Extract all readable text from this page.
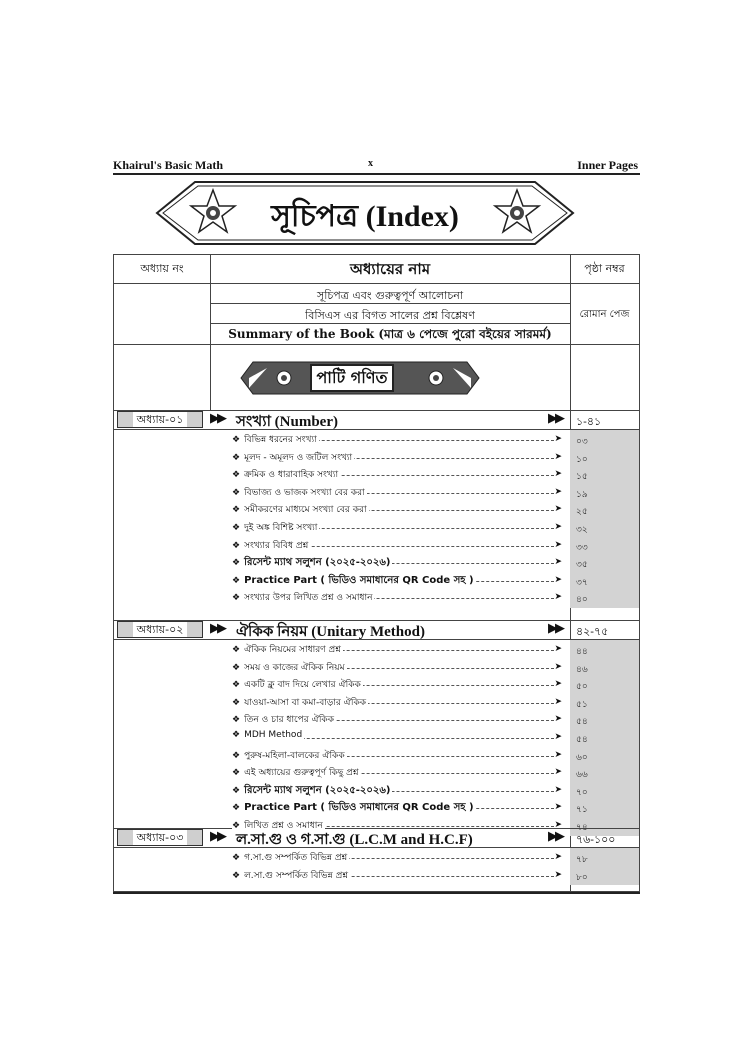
Khairul's Basic Math	x	Inner Pages
সূচিপত্র (Index)
অধ্যায় নং	অধ্যায়ের নাম	পৃষ্ঠা নম্বর
সূচিপত্র এবং গুরুত্বপূর্ণ আলোচনা
বিসিএস এর বিগত সালের প্রশ্ন বিশ্লেষণ
Summary of the Book (মাত্র ৬ পেজে পুরো বইয়ের সারমর্ম)
রোমান পেজ
পাটি গণিত
অধ্যায়-০১	▶▶ সংখ্যা (Number)	▶▶	১-৪১
❖ বিভিন্ন ধরনের সংখ্যা	➤ ০৩
❖ মূলদ - অমূলদ ও জটিল সংখ্যা	➤ ১০
❖ ক্রমিক ও ধারাবাহিক সংখ্যা	➤ ১৫
❖ বিভাজ্য ও ভাজক সংখ্যা বের করা	➤ ১৯
❖ সমীকরণের মাধ্যমে সংখ্যা বের করা	➤ ২৫
❖ দুই অঙ্ক বিশিষ্ট সংখ্যা	➤ ৩২
❖ সংখ্যার বিবিধ প্রশ্ন	➤ ৩৩
❖ রিসেন্ট ম্যাথ সলুশন (২০২৫-২০২৬)	➤ ৩৫
❖ Practice Part ( ভিডিও সমাধানের QR Code সহ )	➤ ৩৭
❖ সংখ্যার উপর লিখিত প্রশ্ন ও সমাধান	➤ ৪০
অধ্যায়-০২	▶▶ ঐকিক নিয়ম (Unitary Method)	▶▶	৪২-৭৫
❖ ঐকিক নিয়মের সাধারণ প্রশ্ন	➤ ৪৪
❖ সময় ও কাজের ঐকিক নিয়ম	➤ ৪৬
❖ একটি ক্লু বাদ দিয়ে লেখার ঐকিক	➤ ৫০
❖ যাওয়া-আসা বা কমা-বাড়ার ঐকিক	➤ ৫১
❖ তিন ও চার ধাপের ঐকিক	➤ ৫৪
❖ MDH Method	➤ ৫৪
❖ পুরুষ-মহিলা-বালকের ঐকিক	➤ ৬০
❖ এই অধ্যায়ের গুরুত্বপূর্ণ কিছু প্রশ্ন	➤ ৬৬
❖ রিসেন্ট ম্যাথ সলুশন (২০২৫-২০২৬)	➤ ৭০
❖ Practice Part ( ভিডিও সমাধানের QR Code সহ )	➤ ৭১
❖ লিখিত প্রশ্ন ও সমাধান	➤ ৭৪
অধ্যায়-০৩	▶▶ ল.সা.গু ও গ.সা.গু (L.C.M and H.C.F)	▶▶	৭৬-১০০
❖ গ.সা.গু সম্পর্কিত বিভিন্ন প্রশ্ন	➤ ৭৮
❖ ল.সা.গু সম্পর্কিত বিভিন্ন প্রশ্ন	➤ ৮০
